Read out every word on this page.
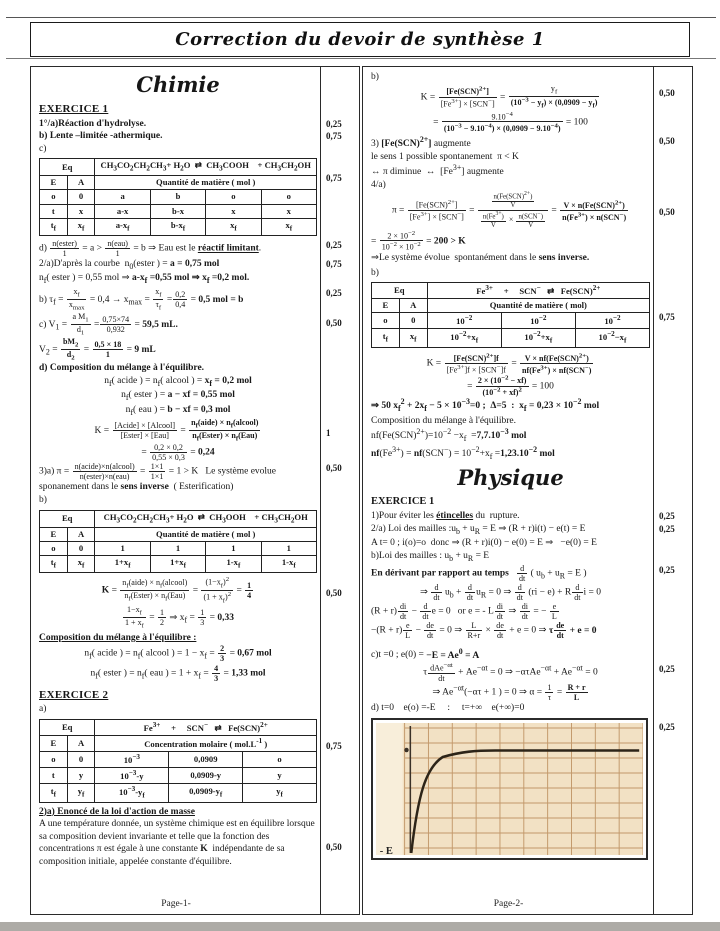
Correction du devoir de synthèse 1
Chimie
EXERCICE 1
1°/a)Réaction d'hydrolyse.	0,25
b) Lente –limitée -athermique.	0,75
c)
Eq		$CH_3CO_2CH_2CH_3+ H_2O$  ⇄  $CH_3COOH$    + $CH_3CH_2OH$			
E	A	Quantité de matière ( mol )			
o	0	a	b	o	o
t	x	a-x	b-x	x	x
$t_f$	$x_f$	$a-x_f$	$b-x_f$	$x_f$	$x_f$
0,75
d)
n(ester)
1	= a >
n(eau)
1	= b ⇒ Eau est le réactif limitant.	0,25
2/a)D'après la courbe  $n_0(ester$ ) = a = 0,75 mol	0,75
$n_f$( ester ) = 0,55 mol ⇒ $a-x_f =0,55$ mol ⇒ $x_f =0,2$ mol.
b) $\tau_f$ =
$x_f$
$x_{max}$
= $0,4 \to x_{max} = \frac{x_f}{\tau_f} = \frac{0,2}{0,4} = 0,5$ mol = b
0,25
c) $V_1 = \frac{a M_1}{d_1} = \frac{0,75\times 74}{0,932} = 59,5$ mL.	0,50
$V_2 = \frac{bM_2}{d_2} = \frac{0,5 \times 18}{1} = 9$ mL
d) Composition du mélange à l'équilibre.
$n_f$( acide ) = $n_f$( alcool ) = $x_f = 0,2$ mol
$n_f$( ester ) = a − xf = 0,55 mol
$n_f$( eau ) = b − xf = 0,3 mol
K =
[Acide] × [Alcool]
[Ester] × [Eau] =
$n_f(aide)$ × $n_f(alcool)$
$n_f(Ester) \times n_f(Eau)$	1
= $\frac{0,2 \times 0,2}{0,55 \times 0,3} = 0,24$
3)a) π =
n(acide)×n(alcool)
n(ester)×n(eau) = $\frac{1\times 1}{1\times 1} = 1 > K$   Le système evolue	0,50
sponanement dans le sens inverse  ( Esterification)
b)
Eq		$CH_3CO_2CH_2CH_3+ H_2O$  ⇄  $CH_3OOH$    + $CH_3CH_2OH$			
E	A	Quantité de matière ( mol )			
o	0	1	1	1	1
$t_f$	$x_f$	$1+x_f$	$1+x_f$	$1-x_f$	$1-x_f$
K =
$n_f(aide)$ × $n_f(alcool)$
$n_f(Ester) \times n_f(Eau) = \frac{(1-x_f)^2}{(1 + x_f)^2} = \frac{1}{4}$	0,50
$\frac{1-x_f}{1 + x_f} = \frac{1}{2}$ ⇒ $x_f = \frac{1}{3} = 0,33$
Composition du mélange à l'équilibre :
$n_f$( acide ) = $n_f$( alcool ) = $1 - x_f = \frac{2}{3} = 0,67$ mol
$n_f$( ester ) = $n_f$( eau ) = $1 + x_f = \frac{4}{3} = 1,33$ mol
EXERCICE 2
a)
Eq		$Fe^{3+}$     +     SCN−   ⇄   Fe(SCN)$^{2+}$
E	A	Concentration molaire ( $mol.L^{-1}$ )		
o	0	$10^{-3}$	0,0909	o
t	y	$10^{-3}-y$	0,0909-y	y
$t_f$	$y_f$	$10^{-3}-y_f$	$0,0909-y_f$	$y_f$
0,75
2)a) Enoncé de la loi d'action de masse
A une température donnée, un système chimique est en équilibre lorsque sa composition devient invariante et telle que la fonction des concentrations π est égale à une constante K  indépendante de sa composition initiale, appelée constante d'équilibre.
0,50
Page-1-
b)
K =
[Fe(SCN)$^{2+}$]
$[Fe^{3+}] \times [SCN^-]$
= $\frac{y_f}{(10^{-3} - y_f) \times (0,0909 - y_f)}$	0,50
= $\frac{9.10^{-4}}{(10^{-3} - 9.10^{-4}) \times (0,0909 - 9.10^{-4})} = 100$
3) [Fe(SCN)$^{2+}$] augmente	0,50
le sens 1 possible spontanement  π < K
↔ π diminue  ↔  $[Fe^{3+}]$ augmente
4/a)
π =
[Fe(SCN)$^{2+}$]
$[Fe^{3+}] \times [SCN^-]$
=
n(Fe(SCN)$^{2+}$)
V
$\frac{n(Fe^{3+})}{V} \times n(SCN^-)$
V
=
V × n(Fe(SCN)$^{2+}$)
$n(Fe^{3+}) \times n(SCN^-)$	0,50
= $\frac{2 \times 10^{-2}}{10^{-2} \times 10^{-2}} = 200 > K$
⇒Le système évolue  spontanément dans le sens inverse.
b)
Eq		$Fe^{3+}$     +     SCN−   ⇄   Fe(SCN)$^{2+}$
E	A	Quantité de matière ( mol)		
o	0	$10^{-2}$	$10^{-2}$	$10^{-2}$
$t_f$	$x_f$	$10^{-2}+x_f$	$10^{-2}+x_f$	$10^{-2}-x_f$
0,75
K =
[Fe(SCN)$^{2+}$]f
$[Fe^{3+}]f \times [SCN^-]f$
=
V × nf(Fe(SCN)$^{2+}$)
$nf(Fe^{3+}) \times nf(SCN^-)$
= $\frac{2 \times (10^{-2} - xf)}{(10^{-2} + xf)^2} = 100$
⇒ 50 $x_f^2 + 2x_f - 5 \times 10^{-3}=0$ ;  Δ=5  :  $x_f = 0,23 \times 10^{-2}$ mol
Composition du mélange à l'équilibre.
$nf(Fe(SCN)^{2+})=10^{-2} -x_f =7,7.10^{-3}$ mol
$nf(Fe^{3+}) = nf(SCN^-) = 10^{-2}+x_f =1,23.10^{-2}$ mol
Physique
EXERCICE 1
1)Pour éviter les étincelles du  rupture.	0,25
2/a) Loi des mailles $:u_b + u_R = E$ ⇒ (R + r)i(t) − e(t) = E	0,25
A t= 0 ; i(o)=o  donc ⇒ (R + r)i(0) − e(0) = E ⇒   −e(0) = E
b)Loi des mailles : $u_b + u_R = E$
En dérivant par rapport au temps $\frac{d}{dt}$ ( $u_b + u_R = E$ )	0,25
⇒ $\frac{d}{dt} u_b + \frac{d}{dt} u_R = 0$ ⇒ $\frac{d}{dt} (ri - e) + R \frac{d}{dt}$ i = 0
$(R + r) \frac{di}{dt} - \frac{d}{dt}$ e = 0   or e = - L $\frac{di}{dt}$ ⇒ $\frac{di}{dt}$ = − $\frac{e}{L}$
$-(R + r) \frac{e}{L} - \frac{de}{dt} = 0$ ⇒ $\frac{L}{R+r} \times \frac{de}{dt} + e = 0$ ⇒ τ $\frac{de}{dt} + e = 0$
c)t =0 ; $e(0) = -E = Ae^0 = A$
τ dAe$^{-\alpha t}$
dt
+ $Ae^{-\alpha t} = 0$ ⇒ $-\alpha\tau Ae^{-\alpha t} + Ae^{-\alpha t} = 0$	0,25
⇒ $Ae^{-\alpha t}(-\alpha\tau + 1$ ) = 0 ⇒ $\alpha = \frac{1}{\tau} = \frac{R + r}{L}$
d) t=0    e(o) =-E     :     t=+∞    e(+∞)=0
- E
0,25
Page-2-
